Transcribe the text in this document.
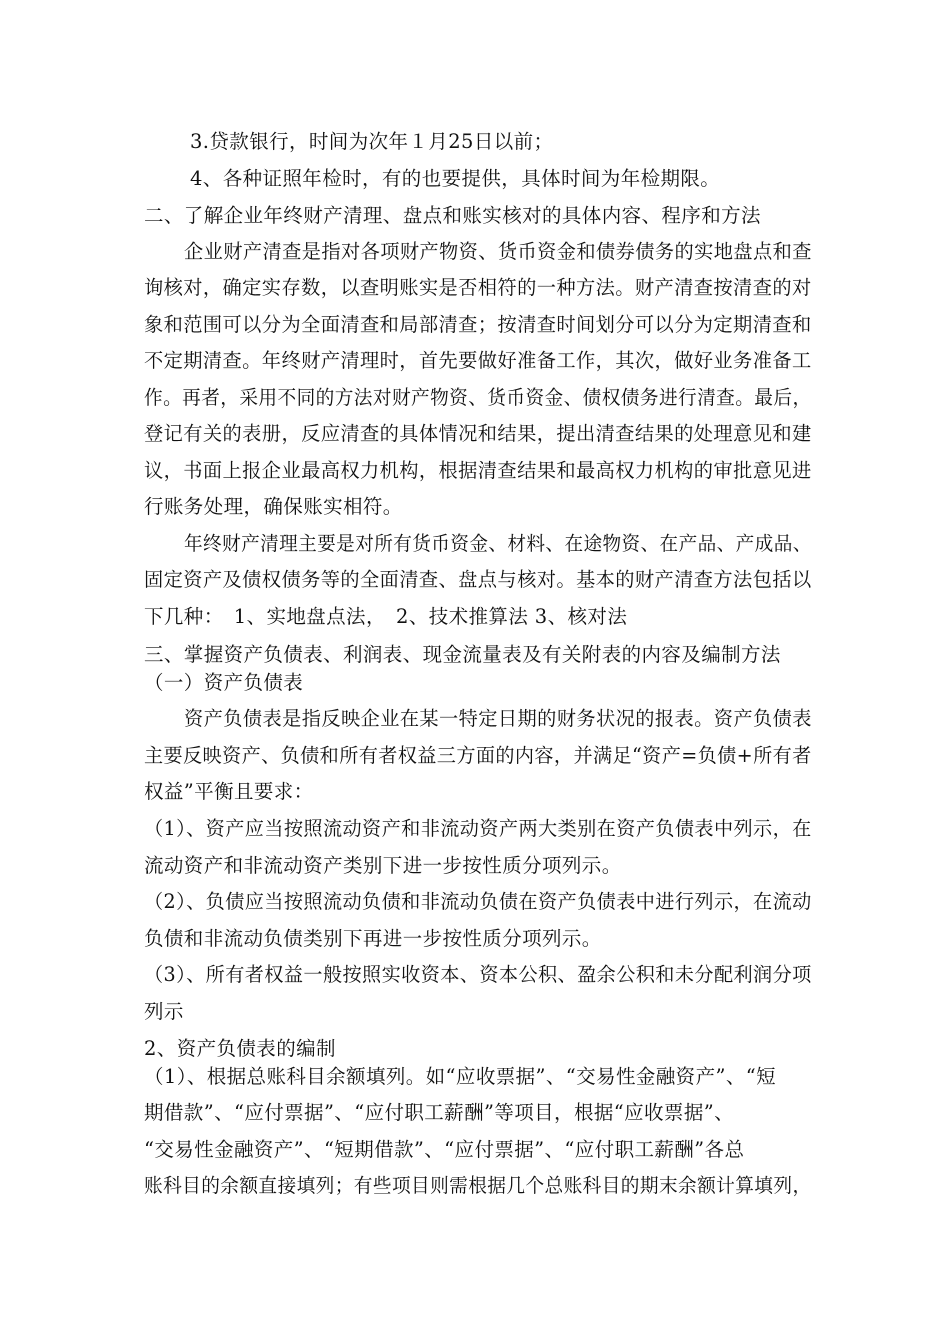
3.贷款银行，时间为次年１月25日以前；
4、各种证照年检时，有的也要提供，具体时间为年检期限。
二、了解企业年终财产清理、盘点和账实核对的具体内容、程序和方法
企业财产清查是指对各项财产物资、货币资金和债券债务的实地盘点和查
询核对，确定实存数，以查明账实是否相符的一种方法。财产清查按清查的对
象和范围可以分为全面清查和局部清查；按清查时间划分可以分为定期清查和
不定期清查。年终财产清理时，首先要做好准备工作，其次，做好业务准备工
作。再者，采用不同的方法对财产物资、货币资金、债权债务进行清查。最后，
登记有关的表册，反应清查的具体情况和结果，提出清查结果的处理意见和建
议，书面上报企业最高权力机构，根据清查结果和最高权力机构的审批意见进
行账务处理，确保账实相符。
年终财产清理主要是对所有货币资金、材料、在途物资、在产品、产成品、
固定资产及债权债务等的全面清查、盘点与核对。基本的财产清查方法包括以
下几种：　1、实地盘点法，　2、技术推算法 3、核对法
三、掌握资产负债表、利润表、现金流量表及有关附表的内容及编制方法
（一）资产负债表
资产负债表是指反映企业在某一特定日期的财务状况的报表。资产负债表
主要反映资产、负债和所有者权益三方面的内容，并满足“资产=负债+所有者
权益”平衡且要求：
（1）、资产应当按照流动资产和非流动资产两大类别在资产负债表中列示，在
流动资产和非流动资产类别下进一步按性质分项列示。
（2）、负债应当按照流动负债和非流动负债在资产负债表中进行列示，在流动
负债和非流动负债类别下再进一步按性质分项列示。
（3）、所有者权益一般按照实收资本、资本公积、盈余公积和未分配利润分项
列示
2、资产负债表的编制
（1）、根据总账科目余额填列。如“应收票据”、“交易性金融资产”、“短
期借款”、“应付票据”、“应付职工薪酬”等项目，根据“应收票据”、
“交易性金融资产”、“短期借款”、“应付票据”、“应付职工薪酬”各总
账科目的余额直接填列；有些项目则需根据几个总账科目的期末余额计算填列，
